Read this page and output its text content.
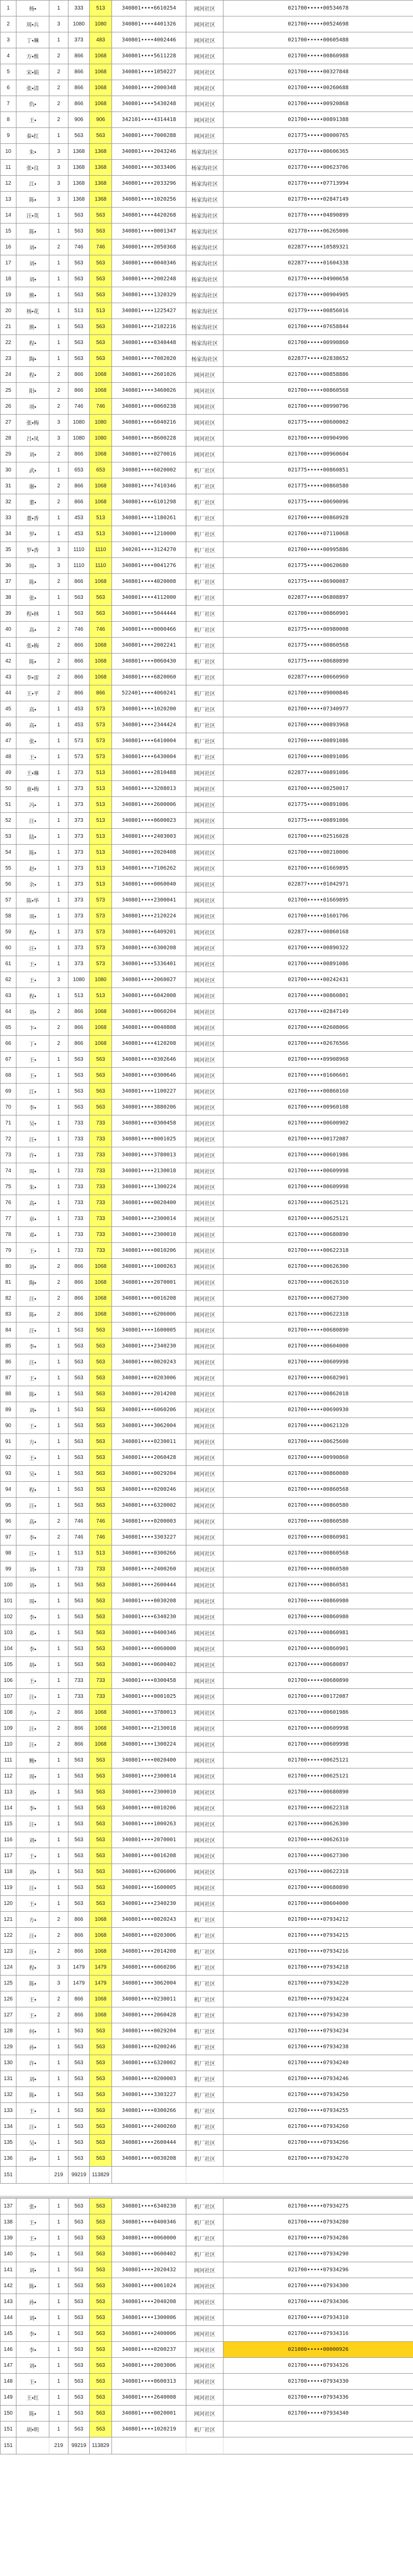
1	杨•	1	333	513	340801••••6610254	网河社区	021700•••••00534678
2	周•兵	3	1080	1080	340801••••4401326	网河社区	021700•••••00524698
3	丁•琳	1	373	483	340801••••4002446	网河社区	021700•••••00605488
4	方•维	2	866	1068	340801••••5611228	网河社区	021700•••••00860988
5	宋•娟	2	866	1068	340801••••1050227	网河社区	021700•••••00327848
6	张•清	2	866	1068	340801••••2000348	网河社区	021700•••••00260688
7	仇•	2	866	1068	340801••••5430248	网河社区	021700•••••00920868
8	王•	2	906	906	342101••••4314418	网河社区	021700•••••00891388
9	秦•红	1	563	563	340801••••7000288	网河社区	021775•••••00000765
10	朱•	3	1368	1368	340801••••2043246	杨家沟社区	021770•••••00606365
11	张•良	3	1368	1368	340801••••3033406	杨家沟社区	021770•••••00623706
12	江•	3	1368	1368	340801••••2033296	杨家沟社区	021770•••••07713994
13	陈•	3	1368	1368	340801••••1020256	杨家沟社区	021770•••••02847149
14	汪•英	1	563	563	340801••••4420268	杨家沟社区	021770•••••04890899
15	陈•	1	563	563	340801••••0001347	杨家沟社区	021770•••••06265006
16	刘•	2	746	746	340801••••2050368	杨家沟社区	022877•••••10589321
17	刘•	1	563	563	340801••••0040346	杨家沟社区	022877•••••01604338
18	刘•	1	563	563	340801••••2002248	杨家沟社区	021770•••••04900658
19	熊•	1	563	563	340801••••1320329	杨家沟社区	021770•••••00904905
20	杨•花	1	513	513	340801••••1225427	杨家沟社区	021779•••••00856016
21	熊•	1	563	563	340801••••2102216	杨家沟社区	021700•••••07658844
22	程•	1	563	563	340801••••0340448	杨家沟社区	021700•••••00990860
23	陶•	1	563	563	340801••••7002020	杨家沟社区	022877•••••02838652
24	程•	2	866	1068	340801••••2601026	网河社区	021700•••••00858886
25	阳•	2	866	1068	340801••••3460026	网河社区	021700•••••00860568
26	项•	2	746	746	340801••••0060238	网河社区	021700•••••00990796
27	张•梅	3	1080	1080	340801••••6040216	网河社区	021775•••••00600002
28	吕•凤	3	1080	1080	340801••••8600228	网河社区	021700•••••00904906
29	刘•	2	866	1068	340801••••0270016	网河社区	021700•••••00960604
30	武•	1	653	653	340801••••6020002	机厂社区	021775•••••00860851
31	谢•	2	866	1068	340801••••7410346	机厂社区	021775•••••00860580
32	董•	2	866	1068	340801••••6101298	机厂社区	021775•••••00690096
33	董•香	1	453	513	340801••••1180261	机厂社区	021700•••••00860928
34	罗•	1	453	513	340801••••1210000	机厂社区	021700•••••07110068
35	罗•香	3	1110	1110	340201••••3124270	机厂社区	021700•••••00995886
36	周•	3	1110	1110	340801••••0041276	机厂社区	021775•••••00620680
37	陈•	2	866	1068	340801••••4020008	机厂社区	021775•••••06900087
38	张•	1	563	563	340801••••4112000	机厂社区	022877•••••06808897
39	程•林	1	563	563	340801••••5044444	机厂社区	021700•••••00860901
40	高•	2	746	746	340801••••0000466	机厂社区	021775•••••00980008
41	张•梅	2	866	1068	340801••••2002241	机厂社区	021775•••••00860568
42	陈•	2	866	1068	340801••••0060430	机厂社区	021775•••••00680890
43	李•雷	2	866	1068	340801••••6820060	机厂社区	022877•••••00660960
44	王•平	2	866	866	522401••••4060241	机厂社区	021700•••••09000846
45	高•	1	453	573	340801••••1020200	机厂社区	021700•••••07340977
46	高•	1	453	573	340801••••2344424	机厂社区	021700•••••00893968
47	张•	1	573	573	340801••••6410004	机厂社区	021700•••••00891086
48	王•	1	573	573	340801••••6430004	机厂社区	021700•••••00891086
49	王•琳	1	373	513	340801••••2810488	网河社区	022877•••••00891086
50	童•梅	1	373	513	340801••••3208013	网河社区	021700•••••00250017
51	冯•	1	373	513	340801••••2600006	网河社区	021775•••••00891086
52	汪•	1	373	513	340801••••0600023	网河社区	021775•••••00891086
53	陆•	1	373	513	340801••••2403003	网河社区	021700•••••02516028
54	陈•	1	373	513	340801••••2020408	网河社区	021700•••••00210006
55	赵•	1	373	513	340801••••7106262	网河社区	021700•••••01669895
56	余•	1	373	513	340801••••0060040	网河社区	022877•••••01042971
57	陈•华	1	373	573	340801••••2300041	网河社区	021700•••••01669895
58	项•	1	373	573	340801••••2120224	网河社区	021700•••••01601706
59	程•	1	373	573	340801••••6409201	网河社区	022877•••••00860168
60	汪•	1	373	573	340801••••6300208	网河社区	021700•••••00890322
61	王•	1	373	573	340801••••5336401	网河社区	021700•••••00891086
62	王•	3	1080	1080	340801••••2060027	网河社区	021700•••••00242431
63	程•	1	513	513	340801••••6042008	网河社区	021700•••••00860801
64	刘•	2	866	1068	340801••••0060204	网河社区	021700•••••02847149
65	卞•	2	866	1068	340801••••0040808	网河社区	021700•••••02608066
66	丁•	2	866	1068	340801••••4120208	网河社区	021700•••••02676566
67	王•	1	563	563	340801••••0302646	网河社区	021700•••••09908968
68	王•	1	563	563	340801••••0300646	网河社区	021700•••••01606601
69	江•	1	563	563	340801••••1100227	网河社区	021700•••••00860160
70	李•	1	563	563	340801••••3880206	网河社区	021700•••••00960108
71	吴•	1	733	733	340801••••0300458	网河社区	021700•••••00600902
72	汪•	1	733	733	340801••••0001025	网河社区	021700•••••00172087
73	许•	1	733	733	340801••••3780013	网河社区	021700•••••00601986
74	周•	1	733	733	340801••••2130018	网河社区	021700•••••00609998
75	朱•	1	733	733	340801••••1300224	网河社区	021700•••••00609998
76	高•	1	733	733	340801••••0020400	网河社区	021700•••••00625121
77	章•	1	733	733	340801••••2300014	网河社区	021700•••••00625121
78	邓•	1	733	733	340801••••2300010	网河社区	021700•••••00680890
79	王•	1	733	733	340801••••0010206	网河社区	021700•••••00622318
80	刘•	2	866	1068	340801••••1000263	网河社区	021700•••••00626300
81	陶•	2	866	1068	340801••••2070001	网河社区	021700•••••00626310
82	汪•	2	866	1068	340801••••0016208	网河社区	021700•••••00627300
83	陈•	2	866	1068	340801••••6206006	网河社区	021700•••••00622318
84	汪•	1	563	563	340801••••1600005	网河社区	021700•••••00680890
85	李•	1	563	563	340801••••2340230	网河社区	021700•••••00604000
86	汪•	1	563	563	340801••••0020243	网河社区	021700•••••00609998
87	王•	1	563	563	340801••••0203006	网河社区	021700•••••00682901
88	陈•	1	563	563	340801••••2014208	网河社区	021700•••••00862018
89	刘•	1	563	563	340801••••6060206	网河社区	021700•••••00690930
90	王•	1	563	563	340801••••3062004	网河社区	021700•••••00621320
91	方•	1	563	563	340801••••0230011	网河社区	021700•••••00625600
92	王•	1	563	563	340801••••2060428	网河社区	021700•••••00990860
93	吴•	1	563	563	340801••••0029204	网河社区	021700•••••00860080
94	程•	1	563	563	340801••••0200246	网河社区	021700•••••00860568
95	汪•	1	563	563	340801••••6320002	网河社区	021700•••••00860580
96	高•	2	746	746	340801••••0200003	网河社区	021700•••••00860580
97	李•	2	746	746	340801••••3303227	网河社区	021700•••••00860981
98	汪•	1	513	513	340801••••0300266	网河社区	021700•••••00860568
99	刘•	1	733	733	340801••••2400260	网河社区	021700•••••00860580
100	刘•	1	563	563	340801••••2600444	网河社区	021700•••••00860581
101	周•	1	563	563	340801••••0030208	网河社区	021700•••••00860980
102	李•	1	563	563	340801••••6340230	网河社区	021700•••••00860980
103	邓•	1	563	563	340801••••0400346	网河社区	021700•••••00860981
104	李•	1	563	563	340801••••0060000	网河社区	021700•••••00860901
105	胡•	1	563	563	340801••••0600402	网河社区	021700•••••00680897
106	王•	1	733	733	340801••••0300458	网河社区	021700•••••00680890
107	汪•	1	733	733	340801••••0001025	网河社区	021700•••••00172087
108	方•	2	866	1068	340801••••3780013	网河社区	021700•••••00601986
109	汪•	2	866	1068	340801••••2130018	网河社区	021700•••••00609998
110	汪•	2	866	1068	340801••••1300224	网河社区	021700•••••00609998
111	鲍•	1	563	563	340801••••0020400	网河社区	021700•••••00625121
112	周•	1	563	563	340801••••2300014	网河社区	021700•••••00625121
113	刘•	1	563	563	340801••••2300010	网河社区	021700•••••00680890
114	李•	1	563	563	340801••••0010206	网河社区	021700•••••00622318
115	汪•	1	563	563	340801••••1000263	网河社区	021700•••••00626300
116	刘•	1	563	563	340801••••2070001	网河社区	021700•••••00626310
117	王•	1	563	563	340801••••0016208	网河社区	021700•••••00627300
118	刘•	1	563	563	340801••••6206006	网河社区	021700•••••00622318
119	汪•	1	563	563	340801••••1600005	网河社区	021700•••••00680890
120	王•	1	563	563	340801••••2340230	网河社区	021700•••••00604000
121	方•	2	866	1068	340801••••0020243	机厂社区	021700•••••07934212
122	汪•	2	866	1068	340801••••0203006	机厂社区	021700•••••07934215
123	汪•	2	866	1068	340801••••2014208	机厂社区	021700•••••07934216
124	程•	3	1479	1479	340801••••6060206	机厂社区	021700•••••07934218
125	陈•	3	1479	1479	340801••••3062004	机厂社区	021700•••••07934220
126	王•	2	866	1068	340801••••0230011	机厂社区	021700•••••07934224
127	王•	2	866	1068	340801••••2060428	机厂社区	021700•••••07934230
128	何•	1	563	563	340801••••0029204	机厂社区	021700•••••07934234
129	孙•	1	563	563	340801••••0200246	机厂社区	021700•••••07934238
130	许•	1	563	563	340801••••6320002	机厂社区	021700•••••07934240
131	刘•	1	563	563	340801••••0200003	机厂社区	021700•••••07934246
132	陈•	1	563	563	340801••••3303227	机厂社区	021700•••••07934250
133	王•	1	563	563	340801••••0300266	机厂社区	021700•••••07934255
134	汪•	1	563	563	340801••••2400260	机厂社区	021700•••••07934260
135	吴•	1	563	563	340801••••2600444	机厂社区	021700•••••07934266
136	孙•	1	563	563	340801••••0030208	机厂社区	021700•••••07934270
151		219	99219	113829			
137	张•	1	563	563	340801••••6340230	机厂社区	021700•••••07934275
138	王•	1	563	563	340801••••0400346	机厂社区	021700•••••07934280
139	王•	1	563	563	340801••••0060000	机厂社区	021700•••••07934286
140	李•	1	563	563	340801••••0600402	机厂社区	021700•••••07934290
141	刘•	1	563	563	340801••••2020432	网河社区	021700•••••07934296
142	陈•	1	563	563	340801••••0061024	网河社区	021700•••••07934300
143	孙•	1	563	563	340801••••2040208	网河社区	021700•••••07934306
144	刘•	1	563	563	340801••••1300006	网河社区	021700•••••07934310
145	李•	1	563	563	340801••••2400006	网河社区	021700•••••07934316
146	李•	1	563	563	340801••••0200237	网河社区	021000•••••00000926
147	刘•	1	563	563	340801••••2003006	网河社区	021700•••••07934326
148	王•	1	563	563	340801••••0600313	网河社区	021700•••••07934330
149	王•红	1	563	563	340801••••2640008	网河社区	021700•••••07934336
150	陈•	1	563	563	340801••••0020001	网河社区	021700•••••07934340
151	胡•明	1	563	563	340801••••1020219	机厂社区	
151		219	99219	113829			
